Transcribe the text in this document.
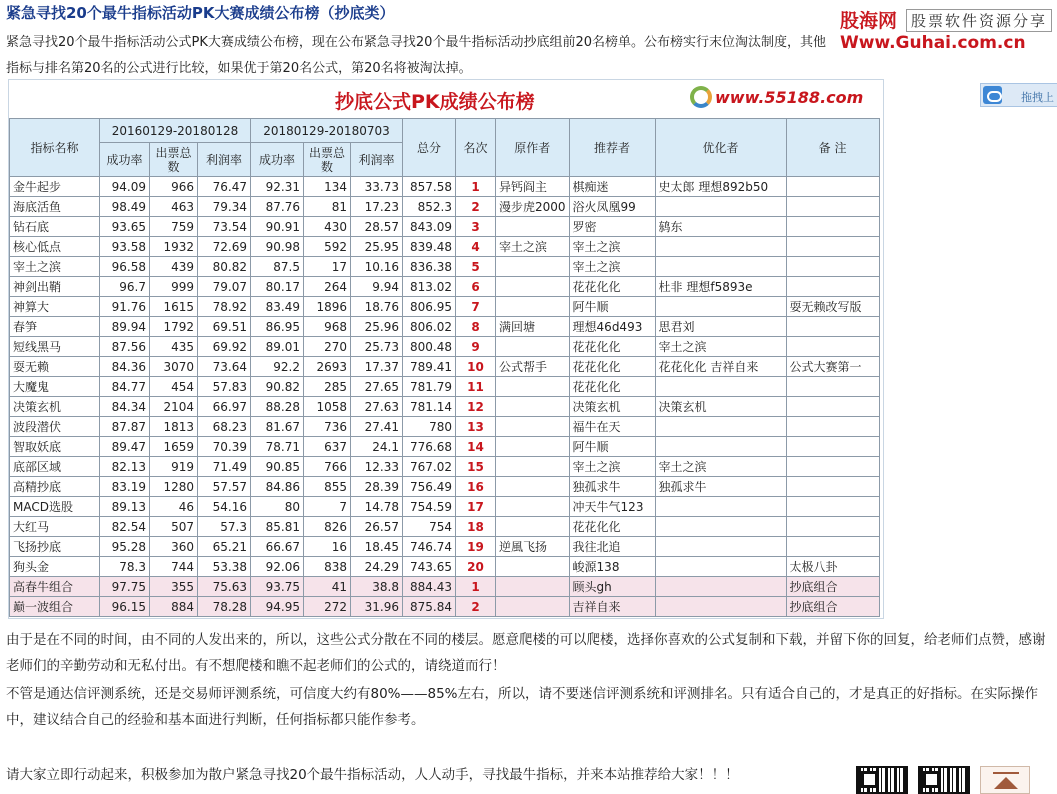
紧急寻找20个最牛指标活动PK大赛成绩公布榜（抄底类）
紧急寻找20个最牛指标活动公式PK大赛成绩公布榜，现在公布紧急寻找20个最牛指标活动抄底组前20名榜单。公布榜实行末位淘汰制度，其他指标与排名第20名的公式进行比较，如果优于第20名公式，第20名将被淘汰掉。
股海网 股票软件资源分享
Www.Guhai.com.cn
拖拽上
抄底公式PK成绩公布榜	www.55188.com
指标名称	20160129-20180128			20180129-20180703			总分	名次	原作者	推荐者	优化者	备 注
	成功率	出票总数	利润率	成功率	出票总数	利润率						
金牛起步	94.09	966	76.47	92.31	134	33.73	857.58	1	异钙阎主	棋痴迷	史太郎 理想892b50	
海底活鱼	98.49	463	79.34	87.76	81	17.23	852.3	2	漫步虎2000	浴火凤凰99		
钻石底	93.65	759	73.54	90.91	430	28.57	843.09	3		罗密	鸫东	
核心低点	93.58	1932	72.69	90.98	592	25.95	839.48	4	宰土之滨	宰土之滨		
宰土之滨	96.58	439	80.82	87.5	17	10.16	836.38	5		宰土之滨		
神剑出鞘	96.7	999	79.07	80.17	264	9.94	813.02	6		花花化化	杜非 理想f5893e	
神算大	91.76	1615	78.92	83.49	1896	18.76	806.95	7		阿牛顺		耍无赖改写版
春笋	89.94	1792	69.51	86.95	968	25.96	806.02	8	满回塘	理想46d493	思君刘	
短线黑马	87.56	435	69.92	89.01	270	25.73	800.48	9		花花化化	宰土之滨	
耍无赖	84.36	3070	73.64	92.2	2693	17.37	789.41	10	公式帮手	花花化化	花花化化 吉祥自来	公式大赛第一
大魔鬼	84.77	454	57.83	90.82	285	27.65	781.79	11		花花化化		
决策玄机	84.34	2104	66.97	88.28	1058	27.63	781.14	12		决策玄机	决策玄机	
波段潜伏	87.87	1813	68.23	81.67	736	27.41	780	13		福牛在天		
智取妖底	89.47	1659	70.39	78.71	637	24.1	776.68	14		阿牛顺		
底部区域	82.13	919	71.49	90.85	766	12.33	767.02	15		宰土之滨	宰土之滨	
高精抄底	83.19	1280	57.57	84.86	855	28.39	756.49	16		独孤求牛	独孤求牛	
MACD选股	89.13	46	54.16	80	7	14.78	754.59	17		冲天牛气123		
大红马	82.54	507	57.3	85.81	826	26.57	754	18		花花化化		
飞扬抄底	95.28	360	65.21	66.67	16	18.45	746.74	19	逆風飞扬	我往北追		
狗头金	78.3	744	53.38	92.06	838	24.29	743.65	20		峻源138		太极八卦
高春牛组合	97.75	355	75.63	93.75	41	38.8	884.43	1		顾头gh		抄底组合
巅一波组合	96.15	884	78.28	94.95	272	31.96	875.84	2		吉祥自来		抄底组合
由于是在不同的时间，由不同的人发出来的，所以，这些公式分散在不同的楼层。愿意爬楼的可以爬楼，选择你喜欢的公式复制和下载，并留下你的回复，给老师们点赞，感谢老师们的辛勤劳动和无私付出。有不想爬楼和瞧不起老师们的公式的，请绕道而行！
不管是通达信评测系统，还是交易师评测系统，可信度大约有80%——85%左右，所以，请不要迷信评测系统和评测排名。只有适合自己的，才是真正的好指标。在实际操作中，建议结合自己的经验和基本面进行判断，任何指标都只能作参考。
请大家立即行动起来，积极参加为散户紧急寻找20个最牛指标活动，人人动手，寻找最牛指标，并来本站推荐给大家！！！
